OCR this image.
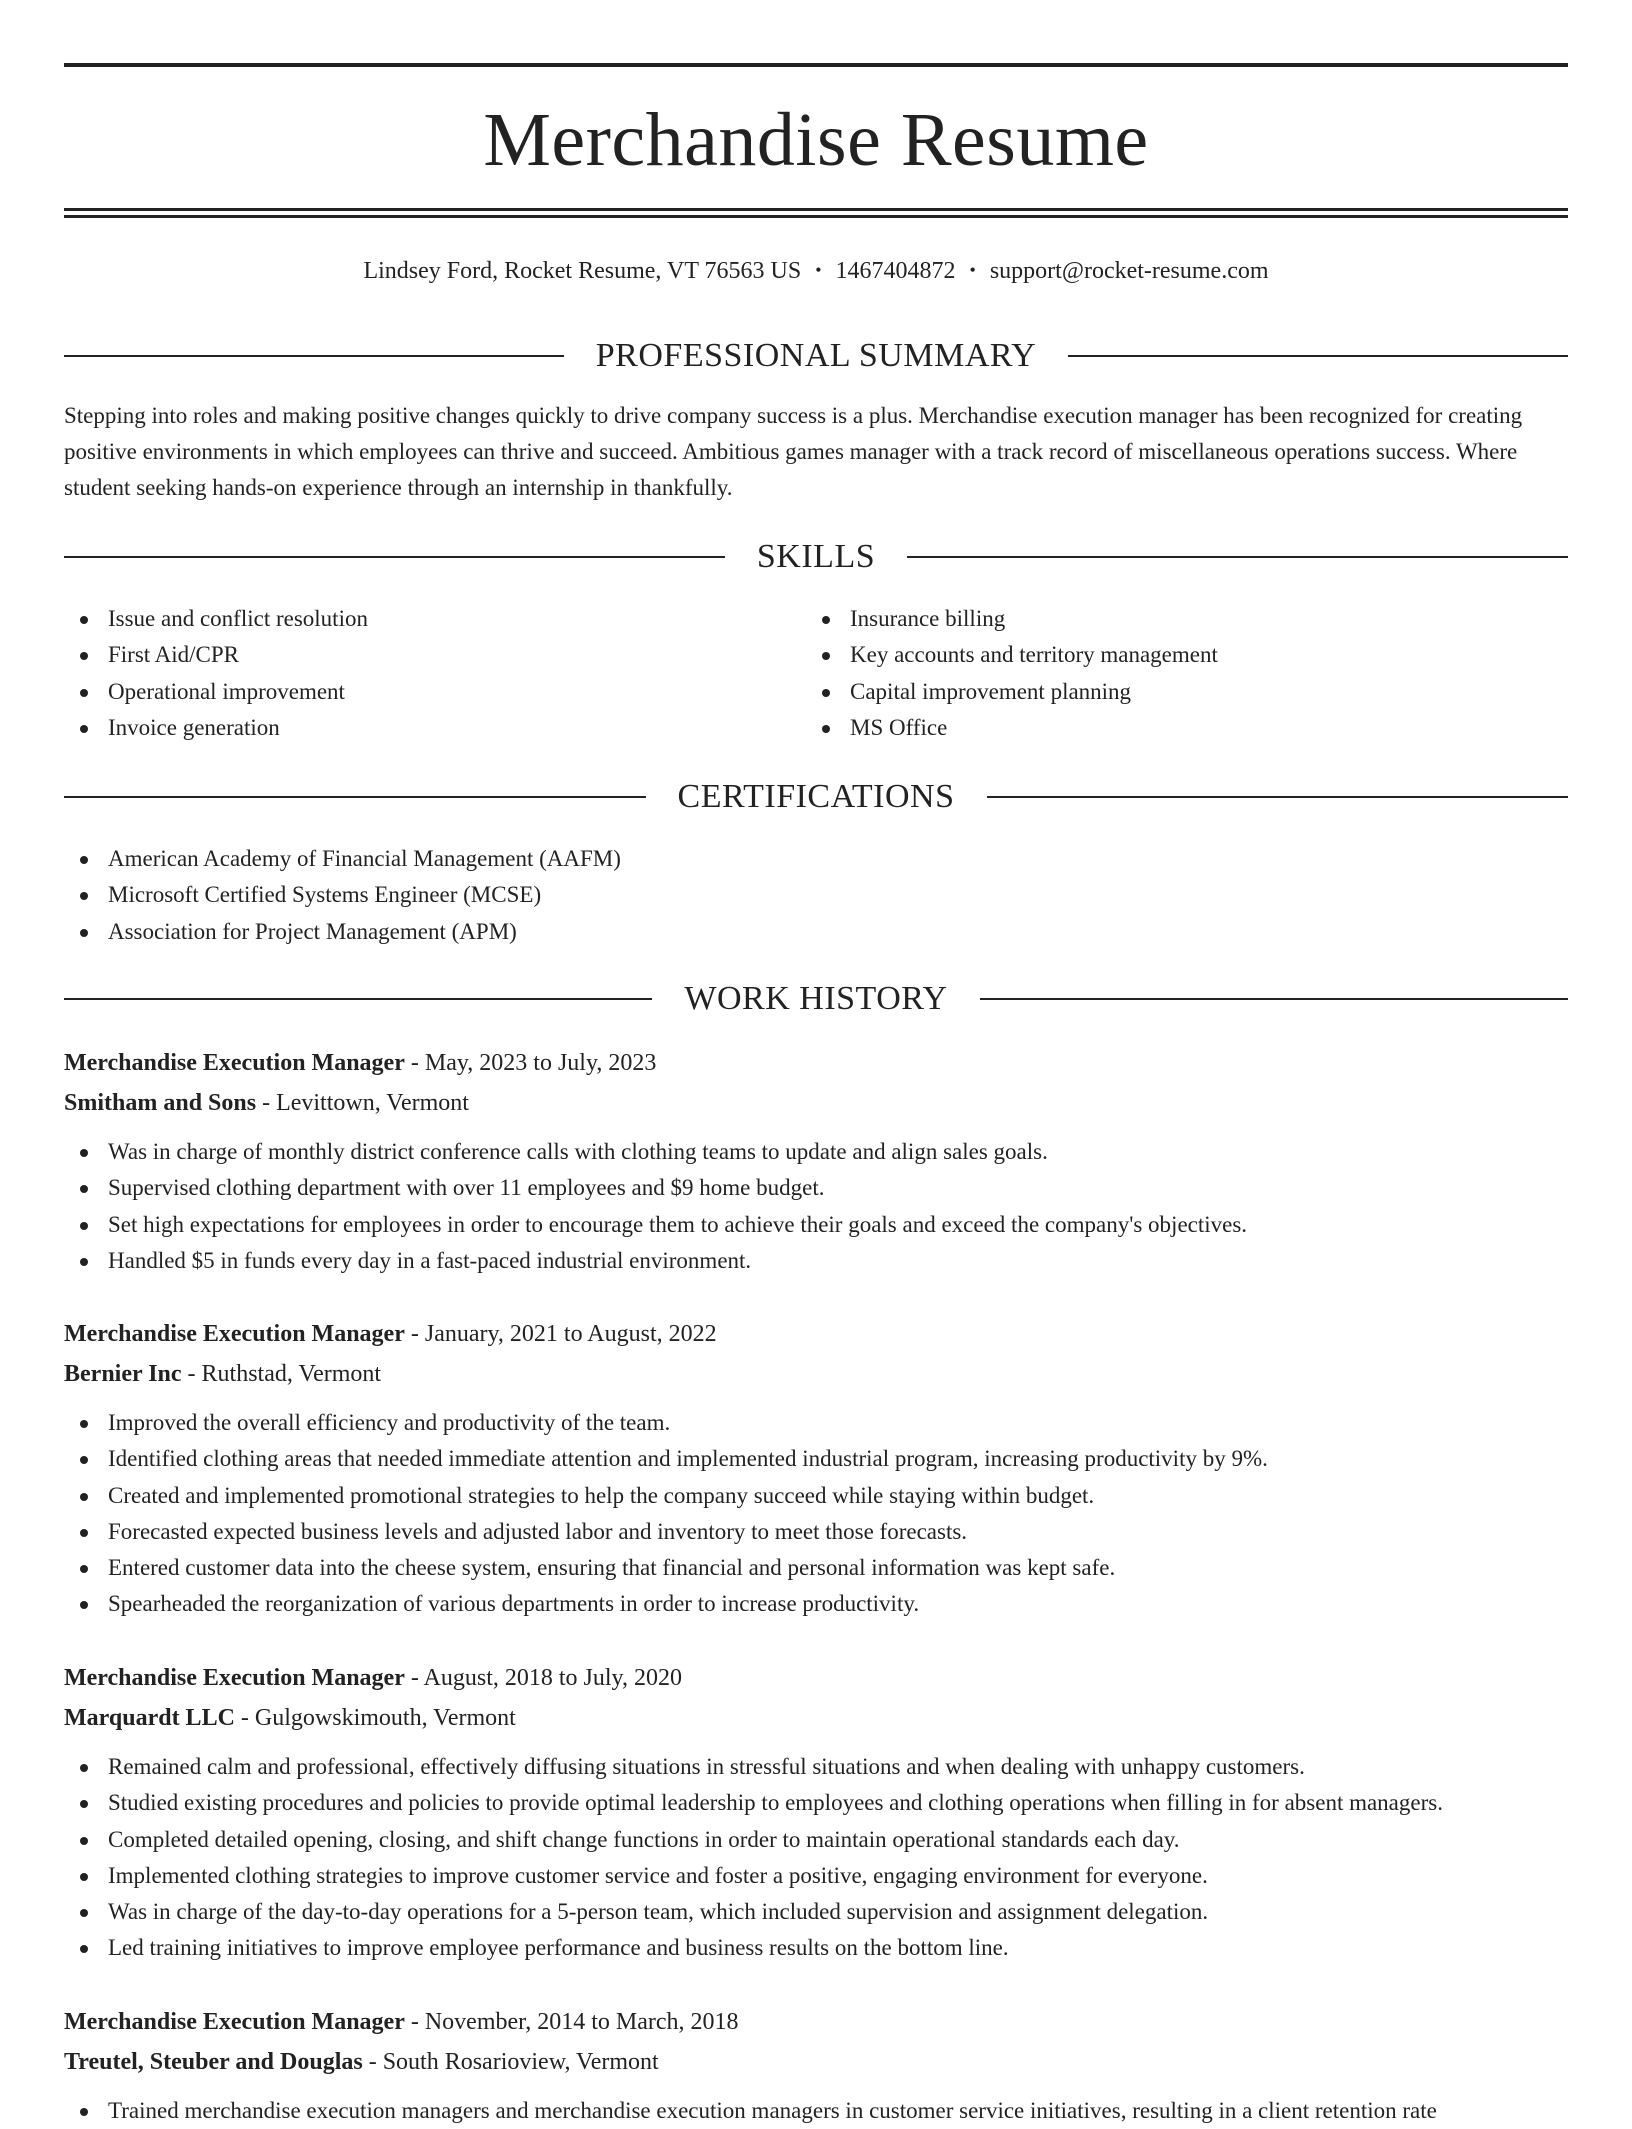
Merchandise Resume
Lindsey Ford, Rocket Resume, VT 76563 US • 1467404872 • support@rocket-resume.com
PROFESSIONAL SUMMARY

Stepping into roles and making positive changes quickly to drive company success is a plus. Merchandise execution manager has been recognized for creating positive environments in which employees can thrive and succeed. Ambitious games manager with a track record of miscellaneous operations success. Where student seeking hands-on experience through an internship in thankfully.

SKILLS
Issue and conflict resolution
First Aid/CPR
Operational improvement
Invoice generation
Insurance billing
Key accounts and territory management
Capital improvement planning
MS Office
CERTIFICATIONS
American Academy of Financial Management (AAFM)
Microsoft Certified Systems Engineer (MCSE)
Association for Project Management (APM)
WORK HISTORY
Merchandise Execution Manager - May, 2023 to July, 2023
Smitham and Sons - Levittown, Vermont
Was in charge of monthly district conference calls with clothing teams to update and align sales goals.
Supervised clothing department with over 11 employees and $9 home budget.
Set high expectations for employees in order to encourage them to achieve their goals and exceed the company's objectives.
Handled $5 in funds every day in a fast-paced industrial environment.
Merchandise Execution Manager - January, 2021 to August, 2022
Bernier Inc - Ruthstad, Vermont
Improved the overall efficiency and productivity of the team.
Identified clothing areas that needed immediate attention and implemented industrial program, increasing productivity by 9%.
Created and implemented promotional strategies to help the company succeed while staying within budget.
Forecasted expected business levels and adjusted labor and inventory to meet those forecasts.
Entered customer data into the cheese system, ensuring that financial and personal information was kept safe.
Spearheaded the reorganization of various departments in order to increase productivity.
Merchandise Execution Manager - August, 2018 to July, 2020
Marquardt LLC - Gulgowskimouth, Vermont
Remained calm and professional, effectively diffusing situations in stressful situations and when dealing with unhappy customers.
Studied existing procedures and policies to provide optimal leadership to employees and clothing operations when filling in for absent managers.
Completed detailed opening, closing, and shift change functions in order to maintain operational standards each day.
Implemented clothing strategies to improve customer service and foster a positive, engaging environment for everyone.
Was in charge of the day-to-day operations for a 5-person team, which included supervision and assignment delegation.
Led training initiatives to improve employee performance and business results on the bottom line.
Merchandise Execution Manager - November, 2014 to March, 2018
Treutel, Steuber and Douglas - South Rosarioview, Vermont
Trained merchandise execution managers and merchandise execution managers in customer service initiatives, resulting in a client retention rate
